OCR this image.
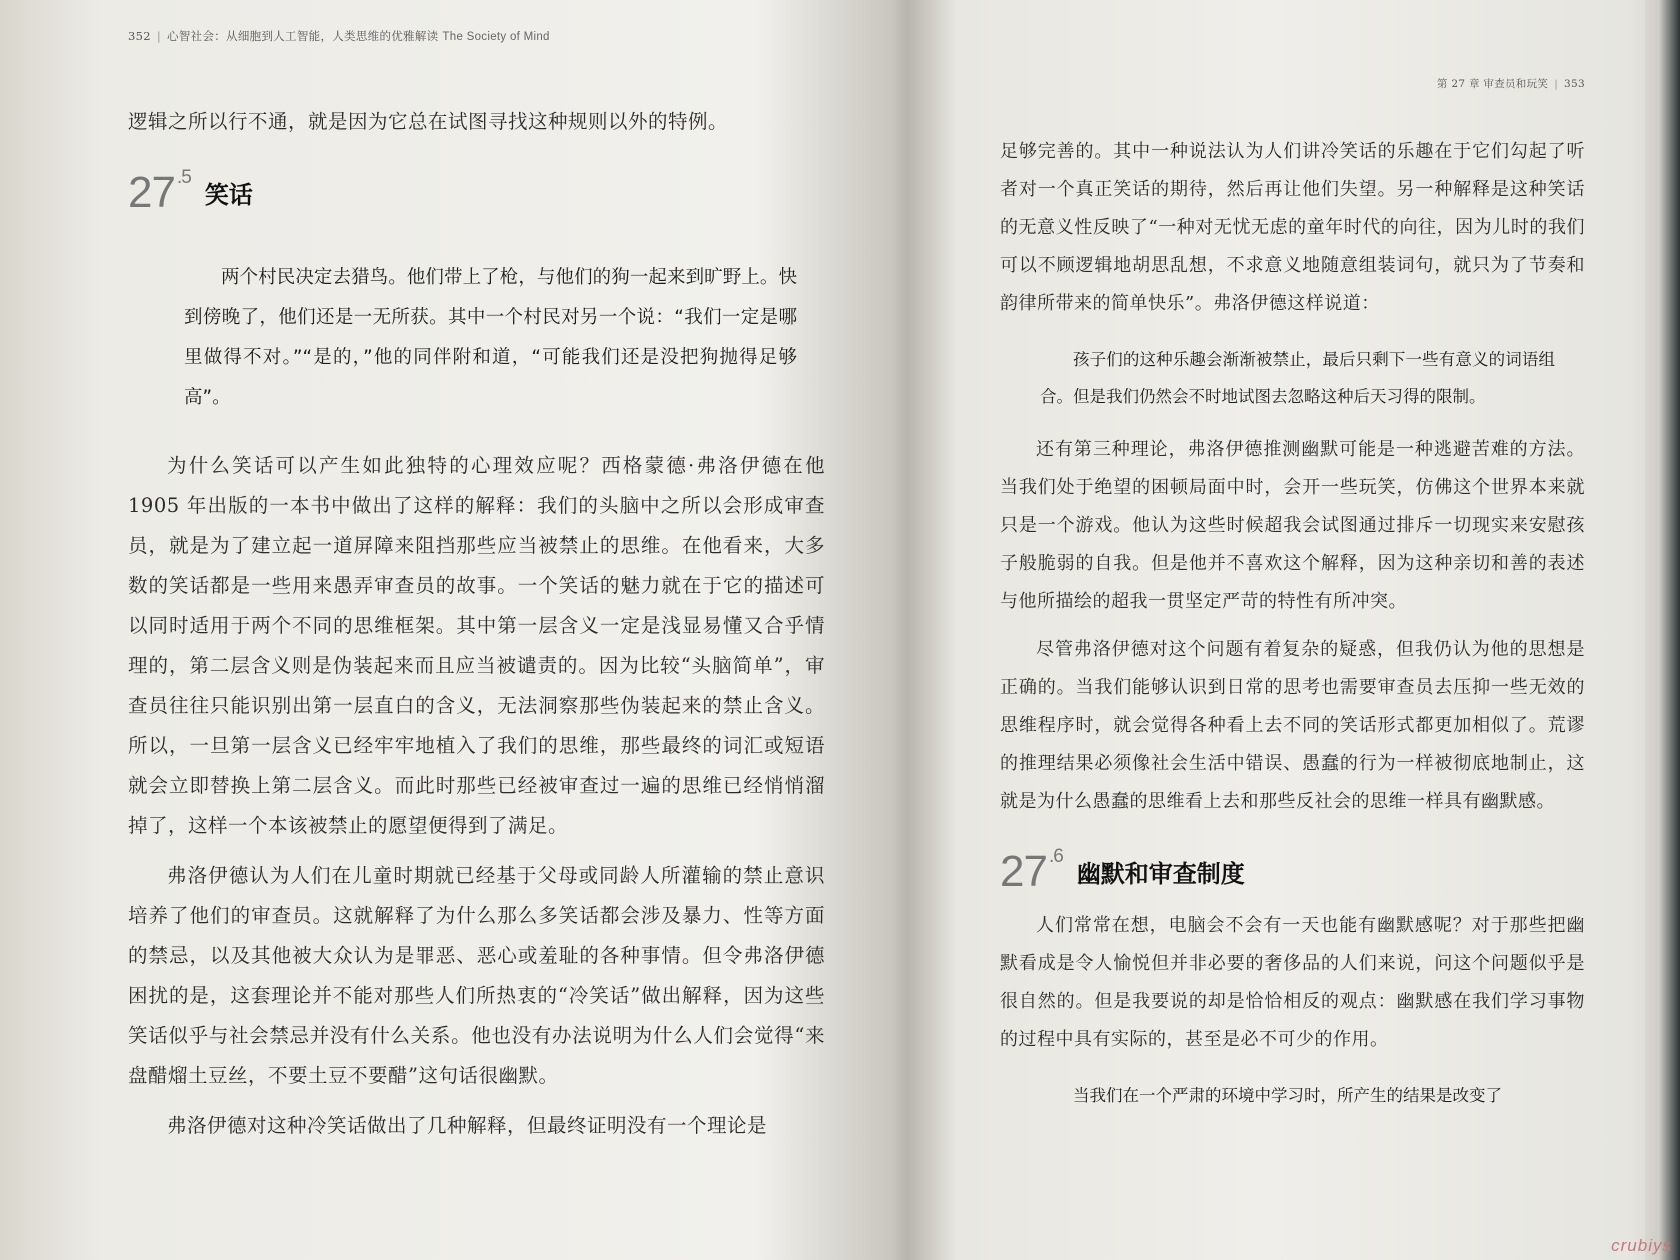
352 | 心智社会：从细胞到人工智能，人类思维的优雅解读 The Society of Mind

逻辑之所以行不通，就是因为它总在试图寻找这种规则以外的特例。

27 $^{.5}$
笑话
两个村民决定去猎鸟。他们带上了枪，与他们的狗一起来到旷野上。快到傍晚了，他们还是一无所获。其中一个村民对另一个说：“我们一定是哪里做得不对。”“是的，”他的同伴附和道，“可能我们还是没把狗抛得足够高”。

为什么笑话可以产生如此独特的心理效应呢？西格蒙德·弗洛伊德在他 1905 年出版的一本书中做出了这样的解释：我们的头脑中之所以会形成审查员，就是为了建立起一道屏障来阻挡那些应当被禁止的思维。在他看来，大多数的笑话都是一些用来愚弄审查员的故事。一个笑话的魅力就在于它的描述可以同时适用于两个不同的思维框架。其中第一层含义一定是浅显易懂又合乎情理的，第二层含义则是伪装起来而且应当被谴责的。因为比较“头脑简单”，审查员往往只能识别出第一层直白的含义，无法洞察那些伪装起来的禁止含义。所以，一旦第一层含义已经牢牢地植入了我们的思维，那些最终的词汇或短语就会立即替换上第二层含义。而此时那些已经被审查过一遍的思维已经悄悄溜掉了，这样一个本该被禁止的愿望便得到了满足。

弗洛伊德认为人们在儿童时期就已经基于父母或同龄人所灌输的禁止意识培养了他们的审查员。这就解释了为什么那么多笑话都会涉及暴力、性等方面的禁忌，以及其他被大众认为是罪恶、恶心或羞耻的各种事情。但令弗洛伊德困扰的是，这套理论并不能对那些人们所热衷的“冷笑话”做出解释，因为这些笑话似乎与社会禁忌并没有什么关系。他也没有办法说明为什么人们会觉得“来盘醋熘土豆丝，不要土豆不要醋”这句话很幽默。

弗洛伊德对这种冷笑话做出了几种解释，但最终证明没有一个理论是

第 27 章 审查员和玩笑 | 353

足够完善的。其中一种说法认为人们讲冷笑话的乐趣在于它们勾起了听者对一个真正笑话的期待，然后再让他们失望。另一种解释是这种笑话的无意义性反映了“一种对无忧无虑的童年时代的向往，因为儿时的我们可以不顾逻辑地胡思乱想，不求意义地随意组装词句，就只为了节奏和韵律所带来的简单快乐”。弗洛伊德这样说道：

孩子们的这种乐趣会渐渐被禁止，最后只剩下一些有意义的词语组合。但是我们仍然会不时地试图去忽略这种后天习得的限制。

还有第三种理论，弗洛伊德推测幽默可能是一种逃避苦难的方法。当我们处于绝望的困顿局面中时，会开一些玩笑，仿佛这个世界本来就只是一个游戏。他认为这些时候超我会试图通过排斥一切现实来安慰孩子般脆弱的自我。但是他并不喜欢这个解释，因为这种亲切和善的表述与他所描绘的超我一贯坚定严苛的特性有所冲突。

尽管弗洛伊德对这个问题有着复杂的疑惑，但我仍认为他的思想是正确的。当我们能够认识到日常的思考也需要审查员去压抑一些无效的思维程序时，就会觉得各种看上去不同的笑话形式都更加相似了。荒谬的推理结果必须像社会生活中错误、愚蠢的行为一样被彻底地制止，这就是为什么愚蠢的思维看上去和那些反社会的思维一样具有幽默感。

27 $^{.6}$
幽默和审查制度

人们常常在想，电脑会不会有一天也能有幽默感呢？对于那些把幽默看成是令人愉悦但并非必要的奢侈品的人们来说，问这个问题似乎是很自然的。但是我要说的却是恰恰相反的观点：幽默感在我们学习事物的过程中具有实际的，甚至是必不可少的作用。

当我们在一个严肃的环境中学习时，所产生的结果是改变了
crubiys
